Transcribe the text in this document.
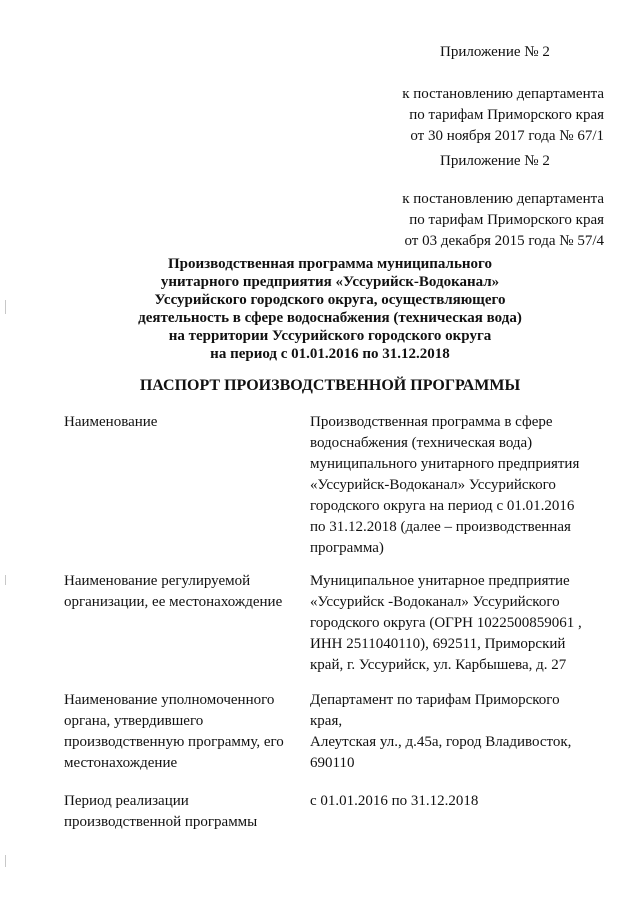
Приложение № 2
к постановлению департамента
по тарифам Приморского края
от 30 ноября 2017 года № 67/1
Приложение № 2
к постановлению департамента
по тарифам Приморского края
от 03 декабря 2015 года № 57/4
Производственная программа муниципального
унитарного предприятия «Уссурийск-Водоканал»
Уссурийского городского округа, осуществляющего
деятельность в сфере водоснабжения (техническая вода)
на территории Уссурийского городского округа
на период с 01.01.2016 по 31.12.2018
ПАСПОРТ ПРОИЗВОДСТВЕННОЙ ПРОГРАММЫ
Наименование	Производственная программа в сфере
водоснабжения (техническая вода)
муниципального унитарного предприятия
«Уссурийск-Водоканал» Уссурийского
городского округа на период с 01.01.2016
по 31.12.2018 (далее – производственная
программа)
Наименование регулируемой
организации, ее местонахождение
Муниципальное унитарное предприятие
«Уссурийск -Водоканал» Уссурийского
городского округа (ОГРН 1022500859061 ,
ИНН 2511040110), 692511, Приморский
край, г. Уссурийск, ул. Карбышева, д. 27
Наименование уполномоченного
органа, утвердившего
производственную программу, его
местонахождение
Департамент по тарифам Приморского
края,
Алеутская ул., д.45а, город Владивосток,
690110
Период реализации
производственной программы
с 01.01.2016 по 31.12.2018
